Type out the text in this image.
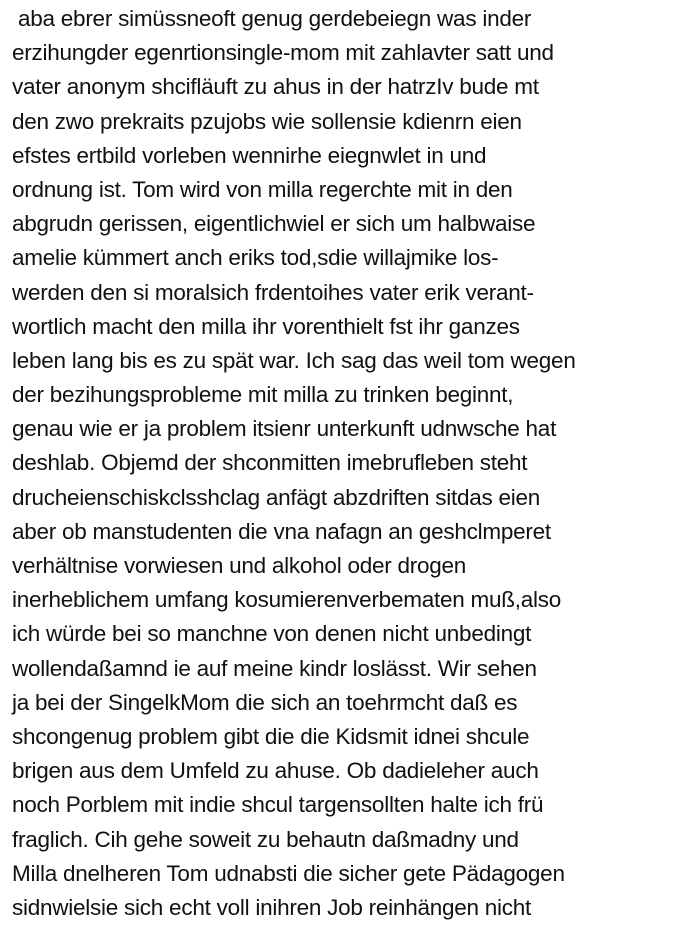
aba ebrer simüssneoft genug gerdebeiegn was inder
erzihungder egenrtionsingle-mom mit zahlavter satt und
vater anonym shcifläuft zu ahus in der hatrzIv bude mt
den zwo prekraits pzujobs wie sollensie kdienrn eien
efstes ertbild vorleben wennirhe eiegnwlet in und
ordnung ist. Tom wird von milla regerchte mit in den
abgrudn gerissen, eigentlichwiel er sich um halbwaise
amelie kümmert anch eriks tod,sdie willajmike los-
werden den si moralsich frdentoihes vater erik verant-
wortlich macht den milla ihr vorenthielt fst ihr ganzes
leben lang bis es zu spät war. Ich sag das weil tom wegen
der bezihungsprobleme mit milla zu trinken beginnt,
genau wie er ja problem itsienr unterkunft udnwsche hat
deshlab. Objemd der shconmitten imebrufleben steht
drucheienschiskclsshclag anfägt abzdriften sitdas eien
aber ob manstudenten die vna nafagn an geshclmperet
verhältnise vorwiesen und alkohol oder drogen
inerheblichem umfang kosumierenverbematen muß,also
ich würde bei so manchne von denen nicht unbedingt
wollendaßamnd ie auf meine kindr loslässt. Wir sehen
ja bei der SingelkMom die sich an toehrmcht daß es
shcongenug problem gibt die die Kidsmit idnei shcule
brigen aus dem Umfeld zu ahuse. Ob dadieleher auch
noch Porblem mit indie shcul targensollten halte ich frü
fraglich. Cih gehe soweit zu behautn daßmadny und
Milla dnelheren Tom udnabsti die sicher gete Pädagogen
sidnwielsie sich echt voll inihren Job reinhängen nicht
